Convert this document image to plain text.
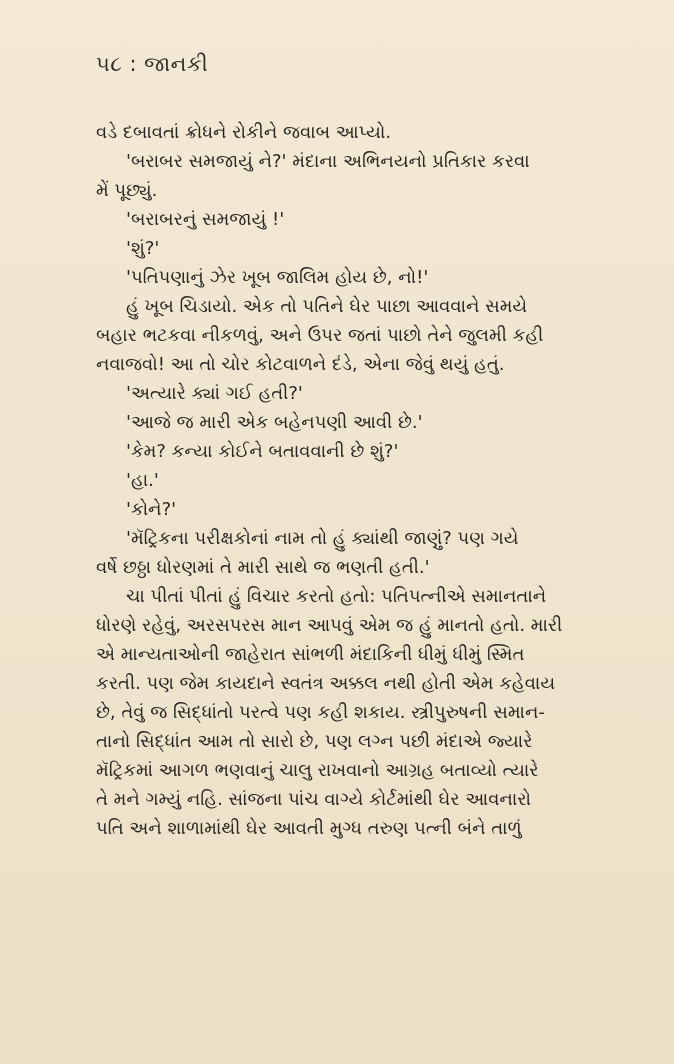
૫૮ : જાનકી
વડે દબાવતાં ક્રોધને રોકીને જવાબ આપ્યો.
'બરાબર સમજાયું ને?' મંદાના અભિનયનો પ્રતિકાર કરવા
મેં પૂછ્યું.
'બરાબરનું સમજાયું !'
'શું?'
'પતિપણાનું ઝેર ખૂબ જાલિમ હોય છે, નો!'
હું ખૂબ ચિડાયો. એક તો પતિને ઘેર પાછા આવવાને સમયે
બહાર ભટકવા નીકળવું, અને ઉપર જતાં પાછો તેને જુલમી કહી
નવાજવો! આ તો ચોર કોટવાળને દંડે, એના જેવું થયું હતું.
'અત્યારે ક્યાં ગઈ હતી?'
'આજે જ મારી એક બહેનપણી આવી છે.'
'કેમ? કન્યા કોઈને બતાવવાની છે શું?'
'હા.'
'કોને?'
'મૅટ્રિકના પરીક્ષકોનાં નામ તો હું ક્યાંથી જાણું? પણ ગયે
વર્ષે છઠ્ઠા ધોરણમાં તે મારી સાથે જ ભણતી હતી.'
ચા પીતાં પીતાં હું વિચાર કરતો હતો: પતિપત્નીએ સમાનતાને
ધોરણે રહેવું, અરસપરસ માન આપવું એમ જ હું માનતો હતો. મારી
એ માન્યતાઓની જાહેરાત સાંભળી મંદાકિની ધીમું ધીમું સ્મિત
કરતી. પણ જેમ કાયદાને સ્વતંત્ર અક્કલ નથી હોતી એમ કહેવાય
છે, તેવું જ સિદ્ધાંતો પરત્વે પણ કહી શકાય. સ્ત્રીપુરુષની સમાન-
તાનો સિદ્ધાંત આમ તો સારો છે, પણ લગ્ન પછી મંદાએ જ્યારે
મૅટ્રિકમાં આગળ ભણવાનું ચાલુ રાખવાનો આગ્રહ બતાવ્યો ત્યારે
તે મને ગમ્યું નહિ. સાંજના પાંચ વાગ્યે કોર્ટમાંથી ઘેર આવનારો
પતિ અને શાળામાંથી ઘેર આવતી મુગ્ધ તરુણ પત્ની બંને તાળું
